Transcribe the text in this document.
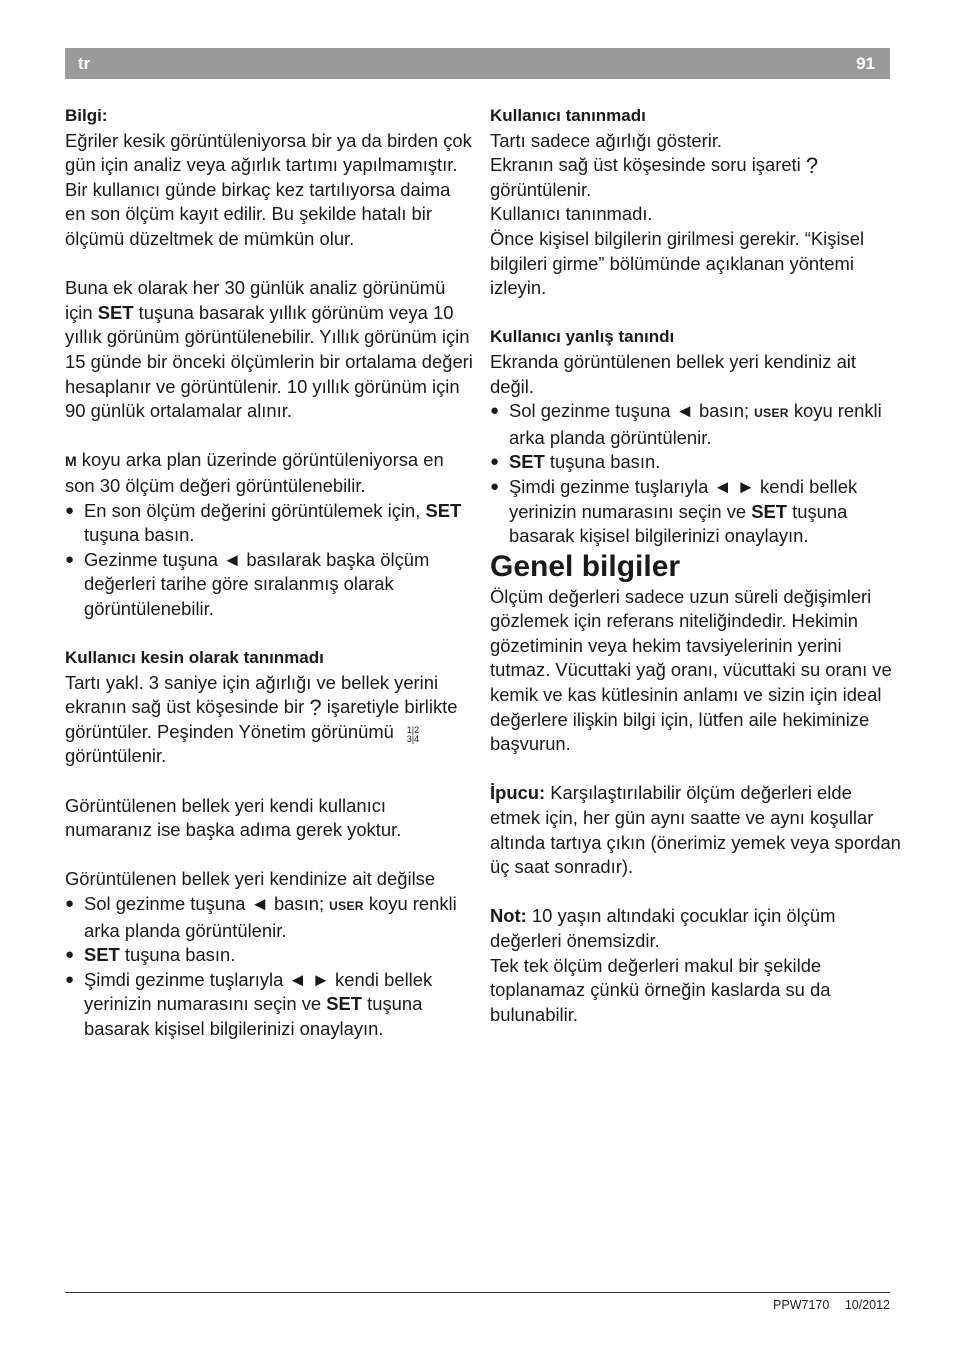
tr	91

Bilgi:

Eğriler kesik görüntüleniyorsa bir ya da birden çok gün için analiz veya ağırlık tartımı yapılmamıştır.

Bir kullanıcı günde birkaç kez tartılıyorsa daima en son ölçüm kayıt edilir. Bu şekilde hatalı bir ölçümü düzeltmek de mümkün olur.

Buna ek olarak her 30 günlük analiz görünümü için SET tuşuna basarak yıllık görünüm veya 10 yıllık görünüm görüntülenebilir. Yıllık görünüm için 15 günde bir önceki ölçümlerin bir ortalama değeri hesaplanır ve görüntülenir. 10 yıllık görünüm için 90 günlük ortalamalar alınır.

M koyu arka plan üzerinde görüntüleniyorsa en son 30 ölçüm değeri görüntülenebilir.

● En son ölçüm değerini görüntülemek için, SET tuşuna basın.
● Gezinme tuşuna ◄ basılarak başka ölçüm değerleri tarihe göre sıralanmış olarak görüntülenebilir.

Kullanıcı kesin olarak tanınmadı

Tartı yakl. 3 saniye için ağırlığı ve bellek yerini ekranın sağ üst köşesinde bir ? işaretiyle birlikte görüntüler. Peşinden Yönetim görünümü 1|2
3|4
görüntülenir.

Görüntülenen bellek yeri kendi kullanıcı numaranız ise başka adıma gerek yoktur.

Görüntülenen bellek yeri kendinize ait değilse

● Sol gezinme tuşuna ◄ basın; USER koyu renkli arka planda görüntülenir.
● SET tuşuna basın.
● Şimdi gezinme tuşlarıyla ◄ ► kendi bellek yerinizin numarasını seçin ve SET tuşuna basarak kişisel bilgilerinizi onaylayın.

Kullanıcı tanınmadı

Tartı sadece ağırlığı gösterir.

Ekranın sağ üst köşesinde soru işareti ? görüntülenir.

Kullanıcı tanınmadı.

Önce kişisel bilgilerin girilmesi gerekir. “Kişisel bilgileri girme” bölümünde açıklanan yöntemi izleyin.

Kullanıcı yanlış tanındı

Ekranda görüntülenen bellek yeri kendiniz ait değil.

● Sol gezinme tuşuna ◄ basın; USER koyu renkli arka planda görüntülenir.
● SET tuşuna basın.
● Şimdi gezinme tuşlarıyla ◄ ► kendi bellek yerinizin numarasını seçin ve SET tuşuna basarak kişisel bilgilerinizi onaylayın.

Genel bilgiler

Ölçüm değerleri sadece uzun süreli değişimleri gözlemek için referans niteliğindedir. Hekimin gözetiminin veya hekim tavsiyelerinin yerini tutmaz. Vücuttaki yağ oranı, vücuttaki su oranı ve kemik ve kas kütlesinin anlamı ve sizin için ideal değerlere ilişkin bilgi için, lütfen aile hekiminize başvurun.

İpucu: Karşılaştırılabilir ölçüm değerleri elde etmek için, her gün aynı saatte ve aynı koşullar altında tartıya çıkın (önerimiz yemek veya spordan üç saat sonradır).

Not: 10 yaşın altındaki çocuklar için ölçüm değerleri önemsizdir.

Tek tek ölçüm değerleri makul bir şekilde toplanamaz çünkü örneğin kaslarda su da bulunabilir.

PPW7170 10/2012
